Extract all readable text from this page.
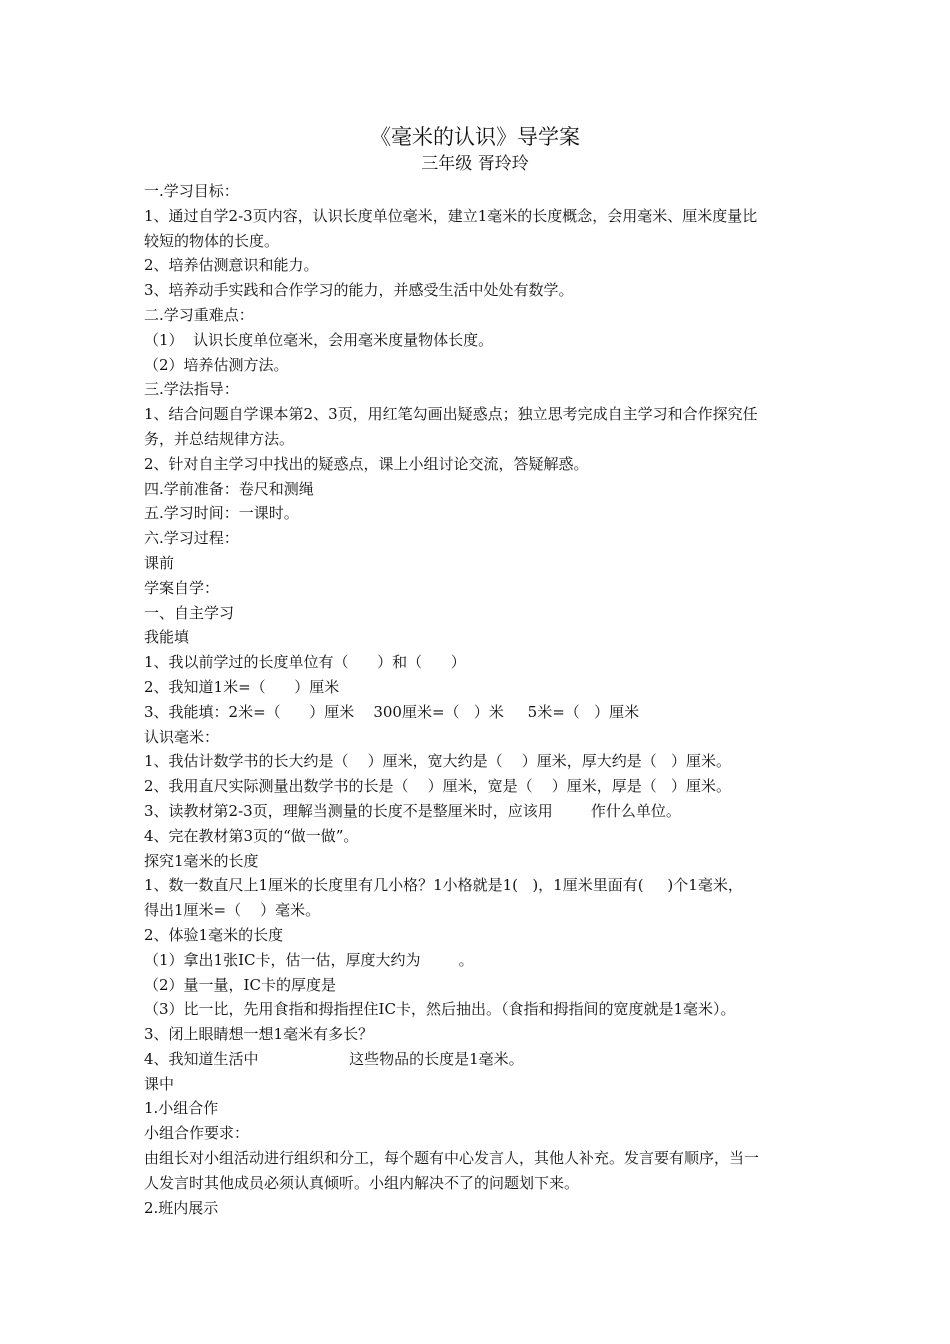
《毫米的认识》导学案
三年级 胥玲玲
一.学习目标：
1、通过自学2-3页内容，认识长度单位毫米，建立1毫米的长度概念，会用毫米、厘米度量比
较短的物体的长度。
2、培养估测意识和能力。
3、培养动手实践和合作学习的能力，并感受生活中处处有数学。
二.学习重难点：
（1）  认识长度单位毫米，会用毫米度量物体长度。
（2）培养估测方法。
三.学法指导：
1、结合问题自学课本第2、3页，用红笔勾画出疑惑点；独立思考完成自主学习和合作探究任
务，并总结规律方法。
2、针对自主学习中找出的疑惑点，课上小组讨论交流，答疑解惑。
四.学前准备：卷尺和测绳
五.学习时间：一课时。
六.学习过程：
课前
学案自学：
一、自主学习
我能填
1、我以前学过的长度单位有（      ）和（      ）
2、我知道1米=（      ）厘米
3、我能填：2米=（      ）厘米    300厘米=（   ）米     5米=（   ）厘米
认识毫米：
1、我估计数学书的长大约是（    ）厘米，宽大约是（    ）厘米，厚大约是（   ）厘米。
2、我用直尺实际测量出数学书的长是（    ）厘米，宽是（    ）厘米，厚是（   ）厘米。
3、读教材第2-3页，理解当测量的长度不是整厘米时，应该用        作什么单位。
4、完在教材第3页的“做一做”。
探究1毫米的长度
1、数一数直尺上1厘米的长度里有几小格？1小格就是1(   )，1厘米里面有(     )个1毫米，
得出1厘米=（    ）毫米。
2、体验1毫米的长度
（1）拿出1张IC卡，估一估，厚度大约为        。
（2）量一量，IC卡的厚度是
（3）比一比，先用食指和拇指捏住IC卡，然后抽出。（食指和拇指间的宽度就是1毫米）。
3、闭上眼睛想一想1毫米有多长？
4、我知道生活中                   这些物品的长度是1毫米。
课中
1.小组合作
小组合作要求：
由组长对小组活动进行组织和分工，每个题有中心发言人，其他人补充。发言要有顺序，当一
人发言时其他成员必须认真倾听。小组内解决不了的问题划下来。
2.班内展示
